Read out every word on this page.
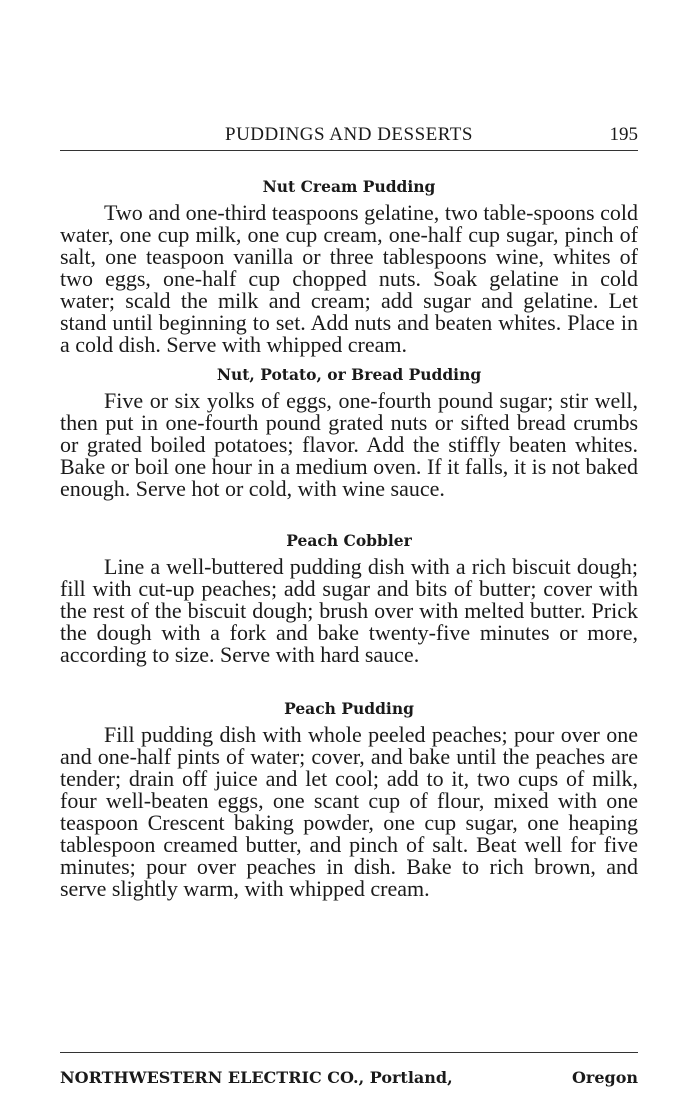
PUDDINGS AND DESSERTS	195
Nut Cream Pudding

Two and one-third teaspoons gelatine, two table-spoons cold water, one cup milk, one cup cream, one-half cup sugar, pinch of salt, one teaspoon vanilla or three tablespoons wine, whites of two eggs, one-half cup chopped nuts. Soak gelatine in cold water; scald the milk and cream; add sugar and gelatine. Let stand until beginning to set. Add nuts and beaten whites. Place in a cold dish. Serve with whipped cream.

Nut, Potato, or Bread Pudding

Five or six yolks of eggs, one-fourth pound sugar; stir well, then put in one-fourth pound grated nuts or sifted bread crumbs or grated boiled potatoes; flavor. Add the stiffly beaten whites. Bake or boil one hour in a medium oven. If it falls, it is not baked enough. Serve hot or cold, with wine sauce.

Peach Cobbler

Line a well-buttered pudding dish with a rich biscuit dough; fill with cut-up peaches; add sugar and bits of butter; cover with the rest of the biscuit dough; brush over with melted butter. Prick the dough with a fork and bake twenty-five minutes or more, according to size. Serve with hard sauce.

Peach Pudding

Fill pudding dish with whole peeled peaches; pour over one and one-half pints of water; cover, and bake until the peaches are tender; drain off juice and let cool; add to it, two cups of milk, four well-beaten eggs, one scant cup of flour, mixed with one teaspoon Crescent baking powder, one cup sugar, one heaping tablespoon creamed butter, and pinch of salt. Beat well for five minutes; pour over peaches in dish. Bake to rich brown, and serve slightly warm, with whipped cream.

NORTHWESTERN ELECTRIC CO., Portland,	Oregon
